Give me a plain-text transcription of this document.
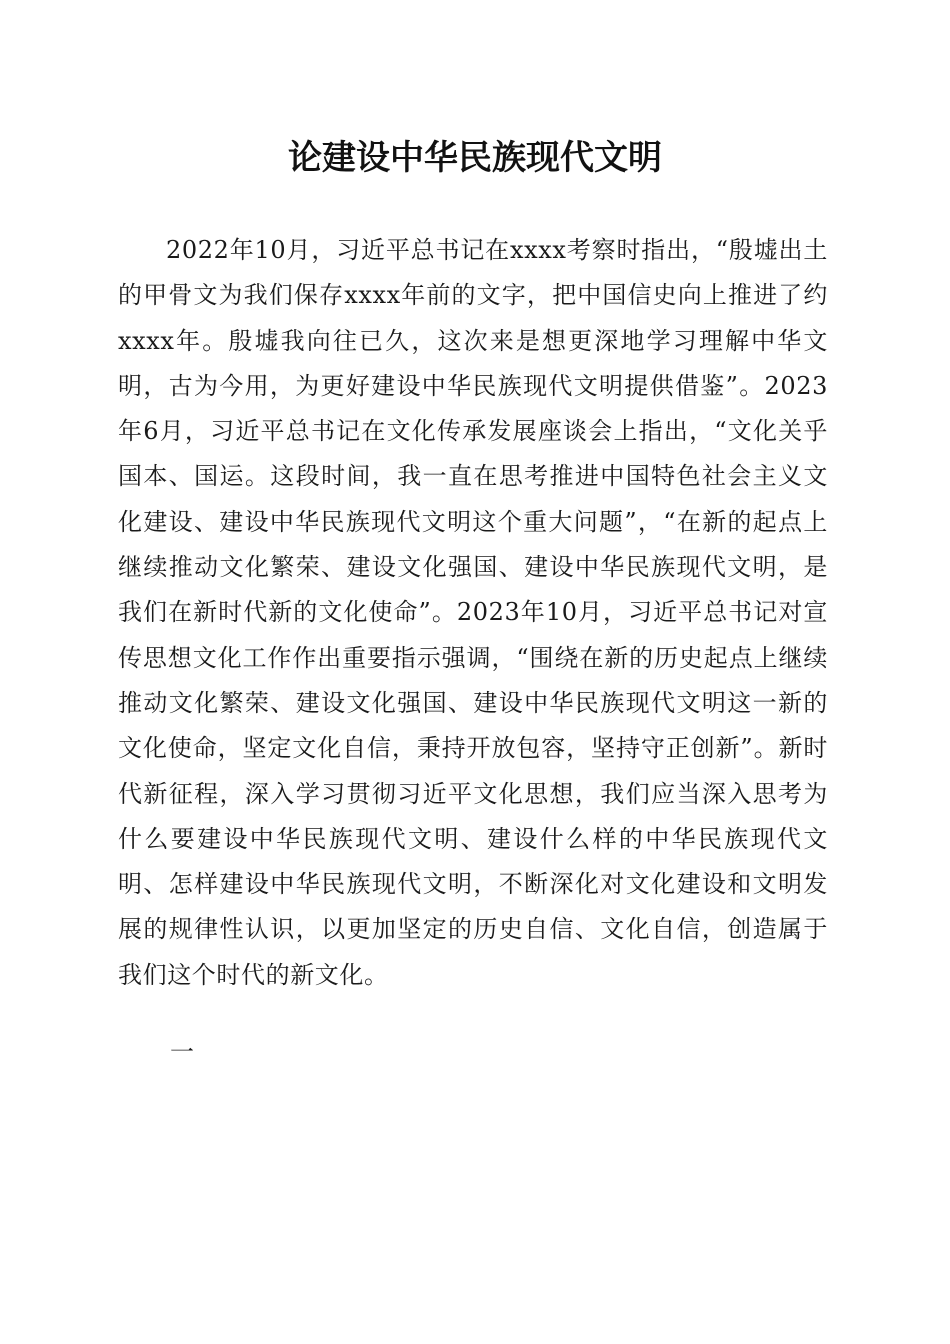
论建设中华民族现代文明

2022年10月，习近平总书记在xxxx考察时指出，“殷墟出土的甲骨文为我们保存xxxx年前的文字，把中国信史向上推进了约xxxx年。殷墟我向往已久，这次来是想更深地学习理解中华文明，古为今用，为更好建设中华民族现代文明提供借鉴”。2023年6月，习近平总书记在文化传承发展座谈会上指出，“文化关乎国本、国运。这段时间，我一直在思考推进中国特色社会主义文化建设、建设中华民族现代文明这个重大问题”，“在新的起点上继续推动文化繁荣、建设文化强国、建设中华民族现代文明，是我们在新时代新的文化使命”。2023年10月，习近平总书记对宣传思想文化工作作出重要指示强调，“围绕在新的历史起点上继续推动文化繁荣、建设文化强国、建设中华民族现代文明这一新的文化使命，坚定文化自信，秉持开放包容，坚持守正创新”。新时代新征程，深入学习贯彻习近平文化思想，我们应当深入思考为什么要建设中华民族现代文明、建设什么样的中华民族现代文明、怎样建设中华民族现代文明，不断深化对文化建设和文明发展的规律性认识，以更加坚定的历史自信、文化自信，创造属于我们这个时代的新文化。

一
